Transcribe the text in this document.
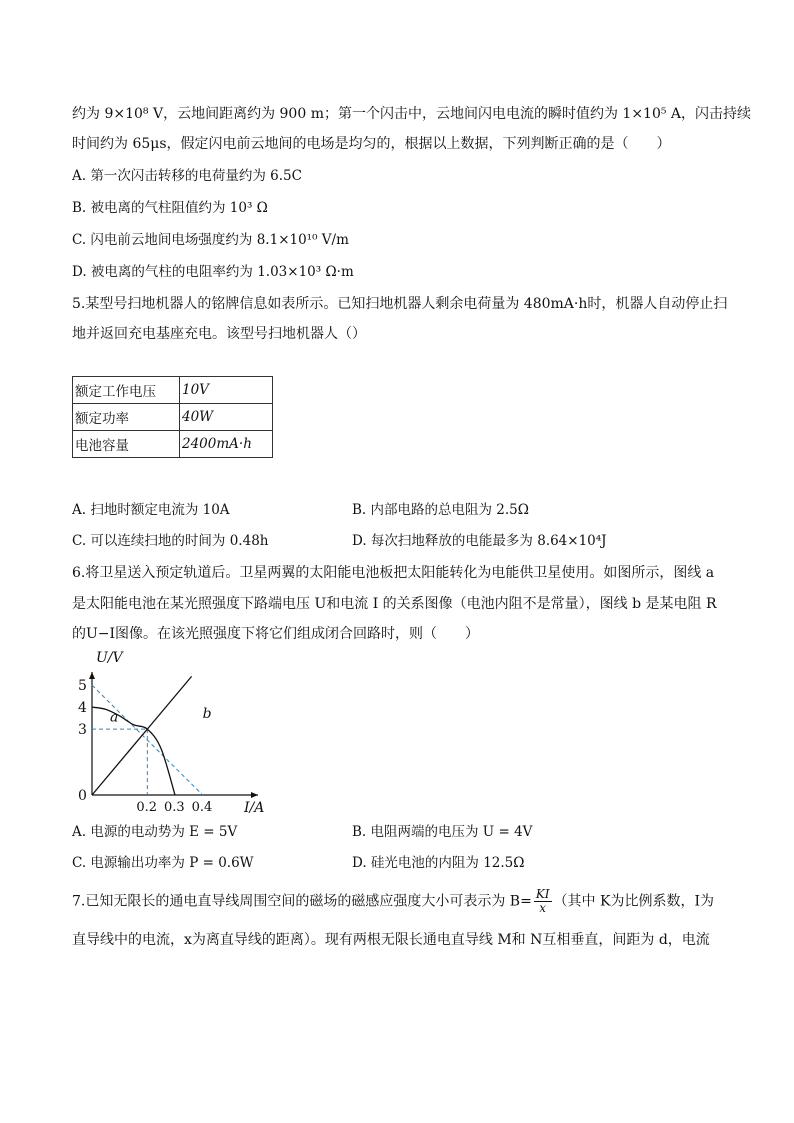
约为 9×10⁸ V，云地间距离约为 900 m；第一个闪击中，云地间闪电电流的瞬时值约为 1×10⁵ A，闪击持续
时间约为 65μs，假定闪电前云地间的电场是均匀的，根据以上数据，下列判断正确的是（　　）
A. 第一次闪击转移的电荷量约为 6.5C
B. 被电离的气柱阻值约为 10³ Ω
C. 闪电前云地间电场强度约为 8.1×10¹⁰ V/m
D. 被电离的气柱的电阻率约为 1.03×10³ Ω·m
5.某型号扫地机器人的铭牌信息如表所示。已知扫地机器人剩余电荷量为 480mA·h时，机器人自动停止扫
地并返回充电基座充电。该型号扫地机器人（）
额定工作电压	10V
额定功率	40W
电池容量	2400mA·h
A. 扫地时额定电流为 10A	B. 内部电路的总电阻为 2.5Ω
C. 可以连续扫地的时间为 0.48h	D. 每次扫地释放的电能最多为 8.64×10⁴J
6.将卫星送入预定轨道后。卫星两翼的太阳能电池板把太阳能转化为电能供卫星使用。如图所示，图线 a
是太阳能电池在某光照强度下路端电压 U和电流 I 的关系图像（电池内阻不是常量），图线 b 是某电阻 R
的U−I图像。在该光照强度下将它们组成闭合回路时，则（　　）
a	b
3
4
5
0.2 0.3 0.4
0
I/A
U/V
A. 电源的电动势为 E = 5V	B. 电阻两端的电压为 U = 4V
C. 电源输出功率为 P = 0.6W	D. 硅光电池的内阻为 12.5Ω
7.已知无限长的通电直导线周围空间的磁场的磁感应强度大小可表示为 $B= \frac{KI}{x}$ （其中 K为比例系数，I为
直导线中的电流，x为离直导线的距离）。现有两根无限长通电直导线 M和 N互相垂直，间距为 d，电流
